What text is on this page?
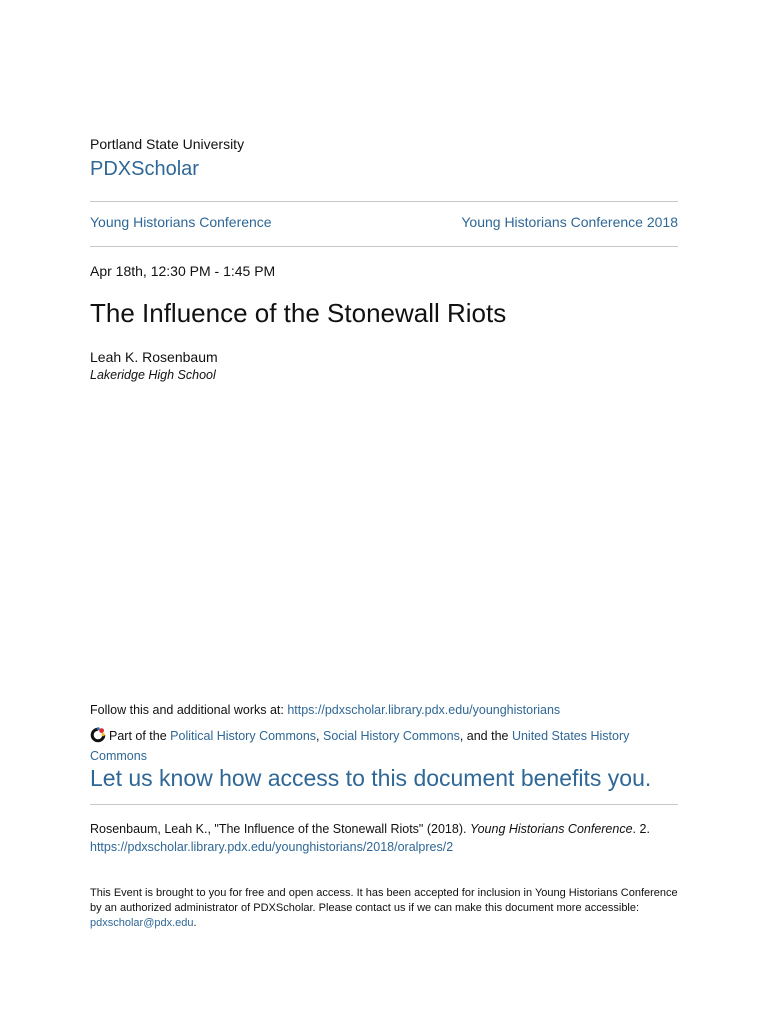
Portland State University
PDXScholar
Young Historians Conference	Young Historians Conference 2018
Apr 18th, 12:30 PM - 1:45 PM
The Influence of the Stonewall Riots
Leah K. Rosenbaum
Lakeridge High School
Follow this and additional works at: https://pdxscholar.library.pdx.edu/younghistorians
Part of the Political History Commons, Social History Commons, and the United States History Commons
Let us know how access to this document benefits you.
Rosenbaum, Leah K., "The Influence of the Stonewall Riots" (2018). Young Historians Conference. 2.
https://pdxscholar.library.pdx.edu/younghistorians/2018/oralpres/2
This Event is brought to you for free and open access. It has been accepted for inclusion in Young Historians Conference by an authorized administrator of PDXScholar. Please contact us if we can make this document more accessible: pdxscholar@pdx.edu.
